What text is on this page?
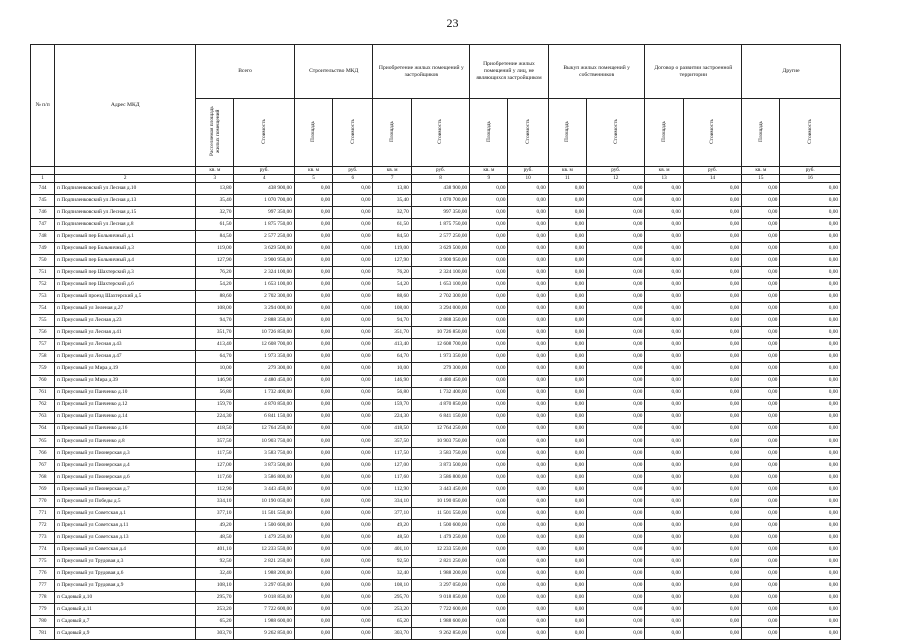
23
№ п/п	Адрес МКД	Всего		Строительство МКД		Приобретение жилых помещений у застройщиков		Приобретение жилых помещений у лиц, не являющихся застройщиком		Выкуп жилых помещений у собственников		Договор о развитии застроенной территории		Другие	
		Расселяемая площадь жилых помещений	Стоимость	Площадь	Стоимость	Площадь	Стоимость	Площадь	Стоимость	Площадь	Стоимость	Площадь	Стоимость	Площадь	Стоимость
		кв. м	руб.	кв. м	руб.	кв. м	руб.	кв. м	руб.	кв. м	руб.	кв. м	руб.	кв. м	руб.
1	2	3	4	5	6	7	8	9	10	11	12	13	14	15	16
744	п Подпиленковский ул Лесная д.10	13,80	438 900,00	0,00	0,00	13,80	438 900,00	0,00	0,00	0,00	0,00	0,00	0,00	0,00	0,00
745	п Подпиленковский ул Лесная д.13	35,40	1 070 700,00	0,00	0,00	35,40	1 070 700,00	0,00	0,00	0,00	0,00	0,00	0,00	0,00	0,00
746	п Подпиленковский ул Лесная д.15	32,70	997 350,00	0,00	0,00	32,70	997 350,00	0,00	0,00	0,00	0,00	0,00	0,00	0,00	0,00
747	п Подпиленковский ул Лесная д.8	61,50	1 875 750,00	0,00	0,00	61,50	1 875 750,00	0,00	0,00	0,00	0,00	0,00	0,00	0,00	0,00
748	п Прнусовый пер Больничный д.1	84,50	2 577 250,00	0,00	0,00	84,50	2 577 250,00	0,00	0,00	0,00	0,00	0,00	0,00	0,00	0,00
749	п Прнусовый пер Больничный д.3	119,00	3 629 500,00	0,00	0,00	119,00	3 629 500,00	0,00	0,00	0,00	0,00	0,00	0,00	0,00	0,00
750	п Прнусовый пер Больничный д.4	127,90	3 900 950,00	0,00	0,00	127,90	3 900 950,00	0,00	0,00	0,00	0,00	0,00	0,00	0,00	0,00
751	п Прнусовый пер Шахтерский д.3	76,20	2 324 100,00	0,00	0,00	76,20	2 324 100,00	0,00	0,00	0,00	0,00	0,00	0,00	0,00	0,00
752	п Прнусовый пер Шахтерский д.6	54,20	1 653 100,00	0,00	0,00	54,20	1 653 100,00	0,00	0,00	0,00	0,00	0,00	0,00	0,00	0,00
753	п Прнусовый проезд Шахтерский д.5	88,60	2 702 300,00	0,00	0,00	88,60	2 702 300,00	0,00	0,00	0,00	0,00	0,00	0,00	0,00	0,00
754	п Прнусовый ул Зеленая д.27	108,00	3 294 000,00	0,00	0,00	108,00	3 294 000,00	0,00	0,00	0,00	0,00	0,00	0,00	0,00	0,00
755	п Прнусовый ул Лесная д.23	94,70	2 888 350,00	0,00	0,00	94,70	2 888 350,00	0,00	0,00	0,00	0,00	0,00	0,00	0,00	0,00
756	п Прнусовый ул Лесная д.41	351,70	10 726 850,00	0,00	0,00	351,70	10 726 850,00	0,00	0,00	0,00	0,00	0,00	0,00	0,00	0,00
757	п Прнусовый ул Лесная д.43	413,40	12 608 700,00	0,00	0,00	413,40	12 608 700,00	0,00	0,00	0,00	0,00	0,00	0,00	0,00	0,00
758	п Прнусовый ул Лесная д.47	64,70	1 973 350,00	0,00	0,00	64,70	1 973 350,00	0,00	0,00	0,00	0,00	0,00	0,00	0,00	0,00
759	п Прнусовый ул Мира д.19	10,00	279 300,00	0,00	0,00	10,00	279 300,00	0,00	0,00	0,00	0,00	0,00	0,00	0,00	0,00
760	п Прнусовый ул Мира д.39	146,90	4 480 450,00	0,00	0,00	146,90	4 480 450,00	0,00	0,00	0,00	0,00	0,00	0,00	0,00	0,00
761	п Прнусовый ул Панченко д.10	56,80	1 732 400,00	0,00	0,00	56,80	1 732 400,00	0,00	0,00	0,00	0,00	0,00	0,00	0,00	0,00
762	п Прнусовый ул Панченко д.12	159,70	4 870 850,00	0,00	0,00	159,70	4 870 850,00	0,00	0,00	0,00	0,00	0,00	0,00	0,00	0,00
763	п Прнусовый ул Панченко д.14	224,30	6 841 150,00	0,00	0,00	224,30	6 841 150,00	0,00	0,00	0,00	0,00	0,00	0,00	0,00	0,00
764	п Прнусовый ул Панченко д.16	418,50	12 764 250,00	0,00	0,00	418,50	12 764 250,00	0,00	0,00	0,00	0,00	0,00	0,00	0,00	0,00
765	п Прнусовый ул Панченко д.8	357,50	10 903 750,00	0,00	0,00	357,50	10 903 750,00	0,00	0,00	0,00	0,00	0,00	0,00	0,00	0,00
766	п Прнусовый ул Пионерская д.3	117,50	3 583 750,00	0,00	0,00	117,50	3 583 750,00	0,00	0,00	0,00	0,00	0,00	0,00	0,00	0,00
767	п Прнусовый ул Пионерская д.4	127,00	3 873 500,00	0,00	0,00	127,00	3 873 500,00	0,00	0,00	0,00	0,00	0,00	0,00	0,00	0,00
768	п Прнусовый ул Пионерская д.6	117,60	3 586 800,00	0,00	0,00	117,60	3 586 800,00	0,00	0,00	0,00	0,00	0,00	0,00	0,00	0,00
769	п Прнусовый ул Пионерская д.7	112,90	3 443 450,00	0,00	0,00	112,90	3 443 450,00	0,00	0,00	0,00	0,00	0,00	0,00	0,00	0,00
770	п Прнусовый ул Победы д.5	334,10	10 190 050,00	0,00	0,00	334,10	10 190 050,00	0,00	0,00	0,00	0,00	0,00	0,00	0,00	0,00
771	п Прнусовый ул Советская д.1	377,10	11 501 550,00	0,00	0,00	377,10	11 501 550,00	0,00	0,00	0,00	0,00	0,00	0,00	0,00	0,00
772	п Прнусовый ул Советская д.11	49,20	1 500 600,00	0,00	0,00	49,20	1 500 600,00	0,00	0,00	0,00	0,00	0,00	0,00	0,00	0,00
773	п Прнусовый ул Советская д.13	48,50	1 479 250,00	0,00	0,00	48,50	1 479 250,00	0,00	0,00	0,00	0,00	0,00	0,00	0,00	0,00
774	п Прнусовый ул Советская д.4	401,10	12 233 550,00	0,00	0,00	401,10	12 233 550,00	0,00	0,00	0,00	0,00	0,00	0,00	0,00	0,00
775	п Прнусовый ул Трудовая д.3	92,50	2 821 250,00	0,00	0,00	92,50	2 821 250,00	0,00	0,00	0,00	0,00	0,00	0,00	0,00	0,00
776	п Прнусовый ул Трудовая д.6	32,40	1 988 200,00	0,00	0,00	32,40	1 988 200,00	0,00	0,00	0,00	0,00	0,00	0,00	0,00	0,00
777	п Прнусовый ул Трудовая д.9	108,10	3 297 050,00	0,00	0,00	108,10	3 297 050,00	0,00	0,00	0,00	0,00	0,00	0,00	0,00	0,00
778	п Садовый д.10	295,70	9 018 850,00	0,00	0,00	295,70	9 018 850,00	0,00	0,00	0,00	0,00	0,00	0,00	0,00	0,00
779	п Садовый д.11	253,20	7 722 600,00	0,00	0,00	253,20	7 722 600,00	0,00	0,00	0,00	0,00	0,00	0,00	0,00	0,00
780	п Садовый д.7	65,20	1 988 600,00	0,00	0,00	65,20	1 988 600,00	0,00	0,00	0,00	0,00	0,00	0,00	0,00	0,00
781	п Садовый д.9	303,70	9 262 850,00	0,00	0,00	303,70	9 262 850,00	0,00	0,00	0,00	0,00	0,00	0,00	0,00	0,00
